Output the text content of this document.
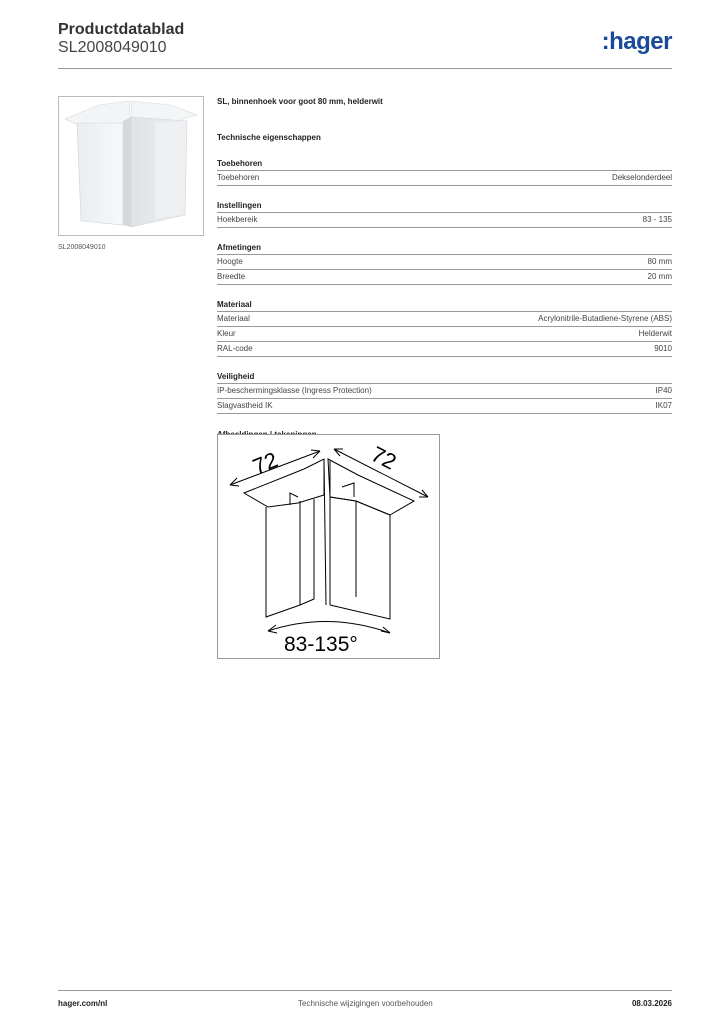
Productdatablad
SL2008049010	:hager
SL2008049010
SL, binnenhoek voor goot 80 mm, helderwit
Technische eigenschappen
Toebehoren
Toebehoren	Dekselonderdeel
Instellingen
Hoekbereik	83 - 135
Afmetingen
Hoogte	80 mm
Breedte	20 mm
Materiaal
Materiaal	Acrylonitrile-Butadiene-Styrene (ABS)
Kleur	Helderwit
RAL-code	9010
Veiligheid
IP-beschermingsklasse (Ingress Protection)	IP40
Slagvastheid IK	IK07
72	72
83-135°
hager.com/nl	Technische wijzigingen voorbehouden	08.03.2026
